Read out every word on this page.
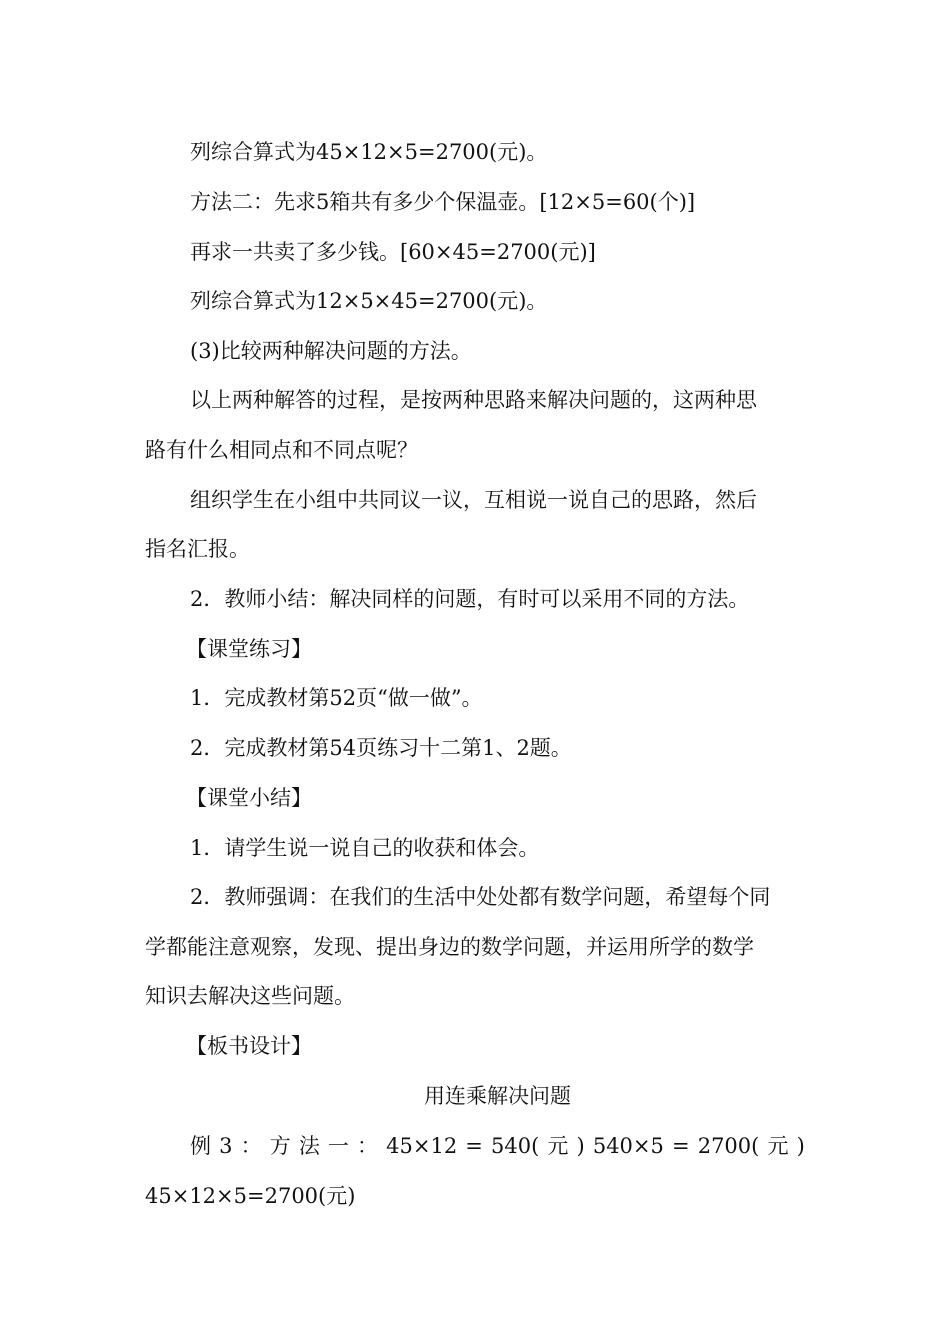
列综合算式为45×12×5=2700(元)。
方法二：先求5箱共有多少个保温壶。[12×5=60(个)]
再求一共卖了多少钱。[60×45=2700(元)]
列综合算式为12×5×45=2700(元)。
(3)比较两种解决问题的方法。
以上两种解答的过程，是按两种思路来解决问题的，这两种思
路有什么相同点和不同点呢？
组织学生在小组中共同议一议，互相说一说自己的思路，然后
指名汇报。
2．教师小结：解决同样的问题，有时可以采用不同的方法。
【课堂练习】
1．完成教材第52页“做一做”。
2．完成教材第54页练习十二第1、2题。
【课堂小结】
1．请学生说一说自己的收获和体会。
2．教师强调：在我们的生活中处处都有数学问题，希望每个同
学都能注意观察，发现、提出身边的数学问题，并运用所学的数学
知识去解决这些问题。
【板书设计】
用连乘解决问题
例 3 ： 方 法 一 ： 45×12 = 540( 元 ) 540×5 = 2700( 元 )
45×12×5=2700(元)
